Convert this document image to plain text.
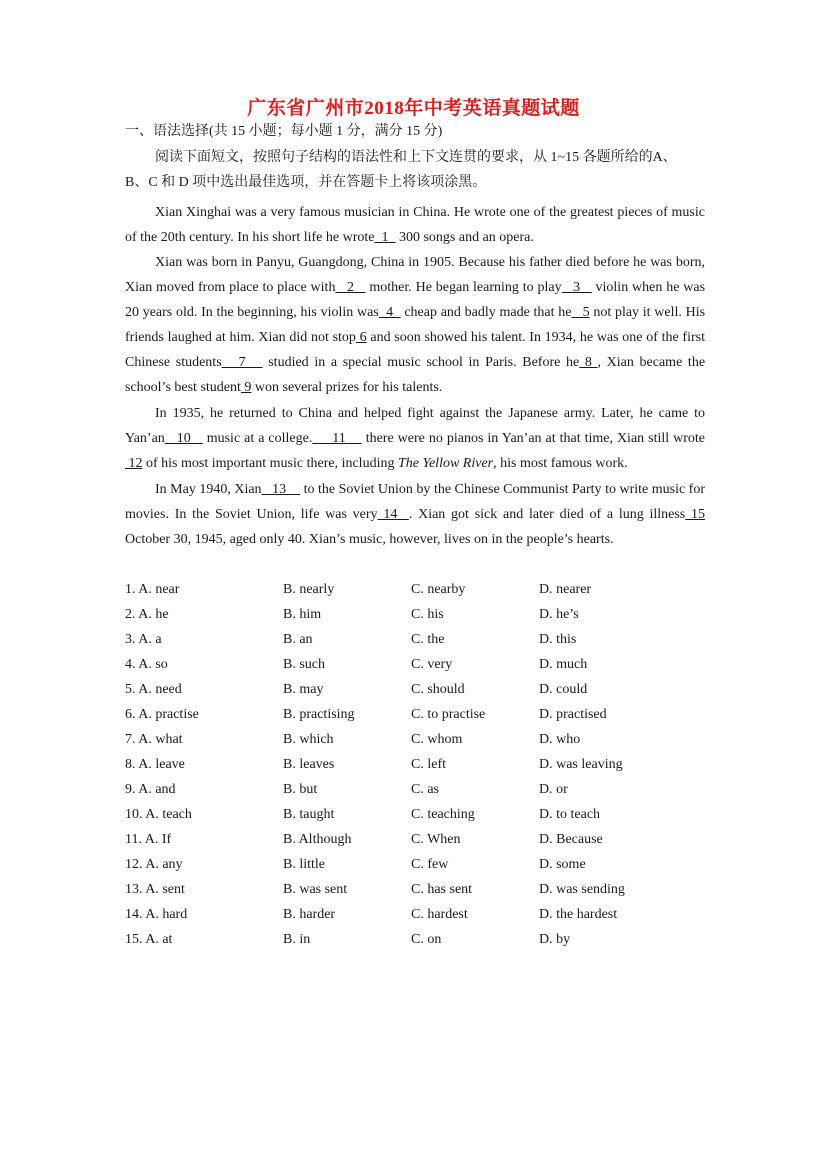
广东省广州市2018年中考英语真题试题
一、语法选择(共 15 小题；每小题 1 分，满分 15 分)

阅读下面短文，按照句子结构的语法性和上下文连贯的要求，从 1~15 各题所给的A、
B、C 和 D 项中选出最佳选项，并在答题卡上将该项涂黑。

Xian Xinghai was a very famous musician in China. He wrote one of the greatest pieces of music of the 20th century. In his short life he wrote_1_ 300 songs and an opera.

Xian was born in Panyu, Guangdong, China in 1905. Because his father died before he was born, Xian moved from place to place with   2    mother. He began learning to play   3    violin when he was 20 years old. In the beginning, his violin was  4   cheap and badly made that he   5 not play it well. His friends laughed at him. Xian did not stop 6 and soon showed his talent. In 1934, he was one of the first Chinese students   7    studied in a special music school in Paris. Before he 8 , Xian became the school’s best student 9 won several prizes for his talents.

In 1935, he returned to China and helped fight against the Japanese army. Later, he came to Yan’an   10    music at a college.     11     there were no pianos in Yan’an at that time, Xian still wrote 12 of his most important music there, including The Yellow River, his most famous work.

In May 1940, Xian   13     to the Soviet Union by the Chinese Communist Party to write music for movies. In the Soviet Union, life was very 14  . Xian got sick and later died of a lung illness 15 October 30, 1945, aged only 40. Xian’s music, however, lives on in the people’s hearts.

1. A. near	B. nearly	C. nearby	D. nearer
2. A. he	B. him	C. his	D. he’s
3. A. a	B. an	C. the	D. this
4. A. so	B. such	C. very	D. much
5. A. need	B. may	C. should	D. could
6. A. practise	B. practising	C. to practise	D. practised
7. A. what	B. which	C. whom	D. who
8. A. leave	B. leaves	C. left	D. was leaving
9. A. and	B. but	C. as	D. or
10. A. teach	B. taught	C. teaching	D. to teach
11. A. If	B. Although	C. When	D. Because
12. A. any	B. little	C. few	D. some
13. A. sent	B. was sent	C. has sent	D. was sending
14. A. hard	B. harder	C. hardest	D. the hardest
15. A. at	B. in	C. on	D. by
